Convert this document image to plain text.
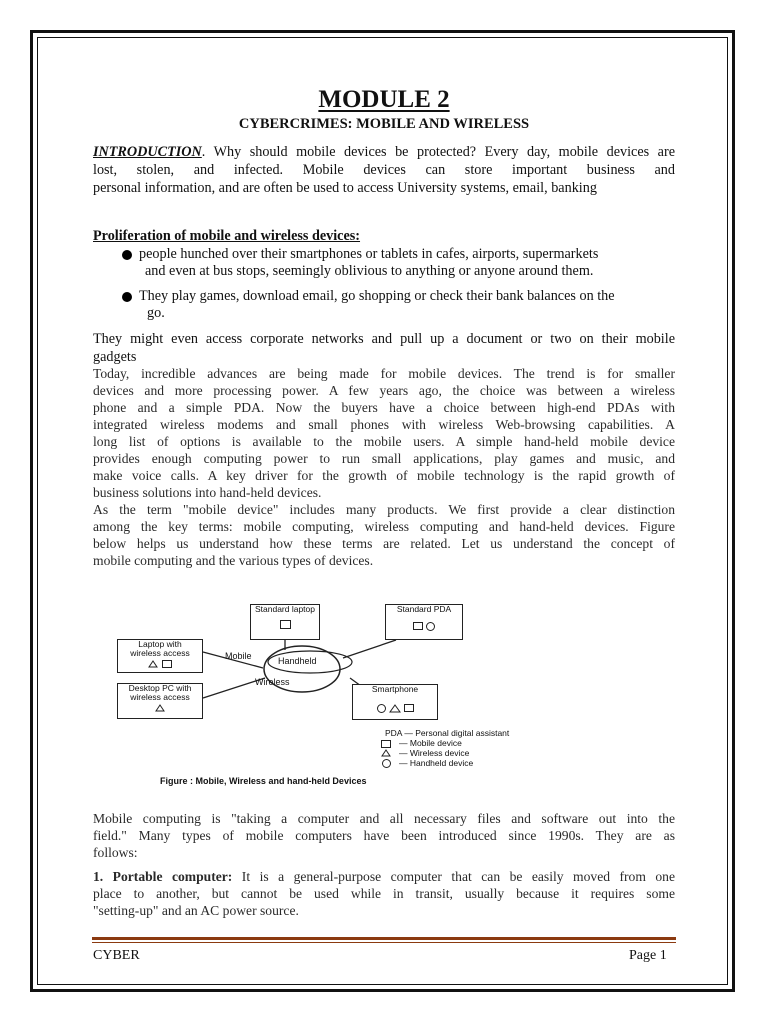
MODULE 2
CYBERCRIMES: MOBILE AND WIRELESS
INTRODUCTION. Why should mobile devices be protected? Every day, mobile devices are
lost, stolen, and infected. Mobile devices can store important business and
personal information, and are often be used to access University systems, email, banking
Proliferation of mobile and wireless devices:
people hunched over their smartphones or tablets in cafes, airports, supermarkets
and even at bus stops, seemingly oblivious to anything or anyone around them.
They play games, download email, go shopping or check their bank balances on the
go.
They might even access corporate networks and pull up a document or two on their mobile
gadgets
Today, incredible advances are being made for mobile devices. The trend is for smaller
devices and more processing power. A few years ago, the choice was between a wireless
phone and a simple PDA. Now the buyers have a choice between high-end PDAs with
integrated wireless modems and small phones with wireless Web-browsing capabilities. A
long list of options is available to the mobile users. A simple hand-held mobile device
provides enough computing power to run small applications, play games and music, and
make voice calls. A key driver for the growth of mobile technology is the rapid growth of
business solutions into hand-held devices.
As the term "mobile device" includes many products. We first provide a clear distinction
among the key terms: mobile computing, wireless computing and hand-held devices. Figure
below helps us understand how these terms are related. Let us understand the concept of
mobile computing and the various types of devices.
Standard laptop	Standard PDA
Laptop with wireless access
Desktop PC with wireless access
Smartphone
Mobile	Handheld
Wireless
PDA — Personal digital assistant
— Mobile device
— Wireless device
— Handheld device
Figure : Mobile, Wireless and hand-held Devices
Mobile computing is "taking a computer and all necessary files and software out into the
field." Many types of mobile computers have been introduced since 1990s. They are as
follows:
1. Portable computer: It is a general-purpose computer that can be easily moved from one
place to another, but cannot be used while in transit, usually because it requires some
"setting-up" and an AC power source.
CYBER	Page 1
